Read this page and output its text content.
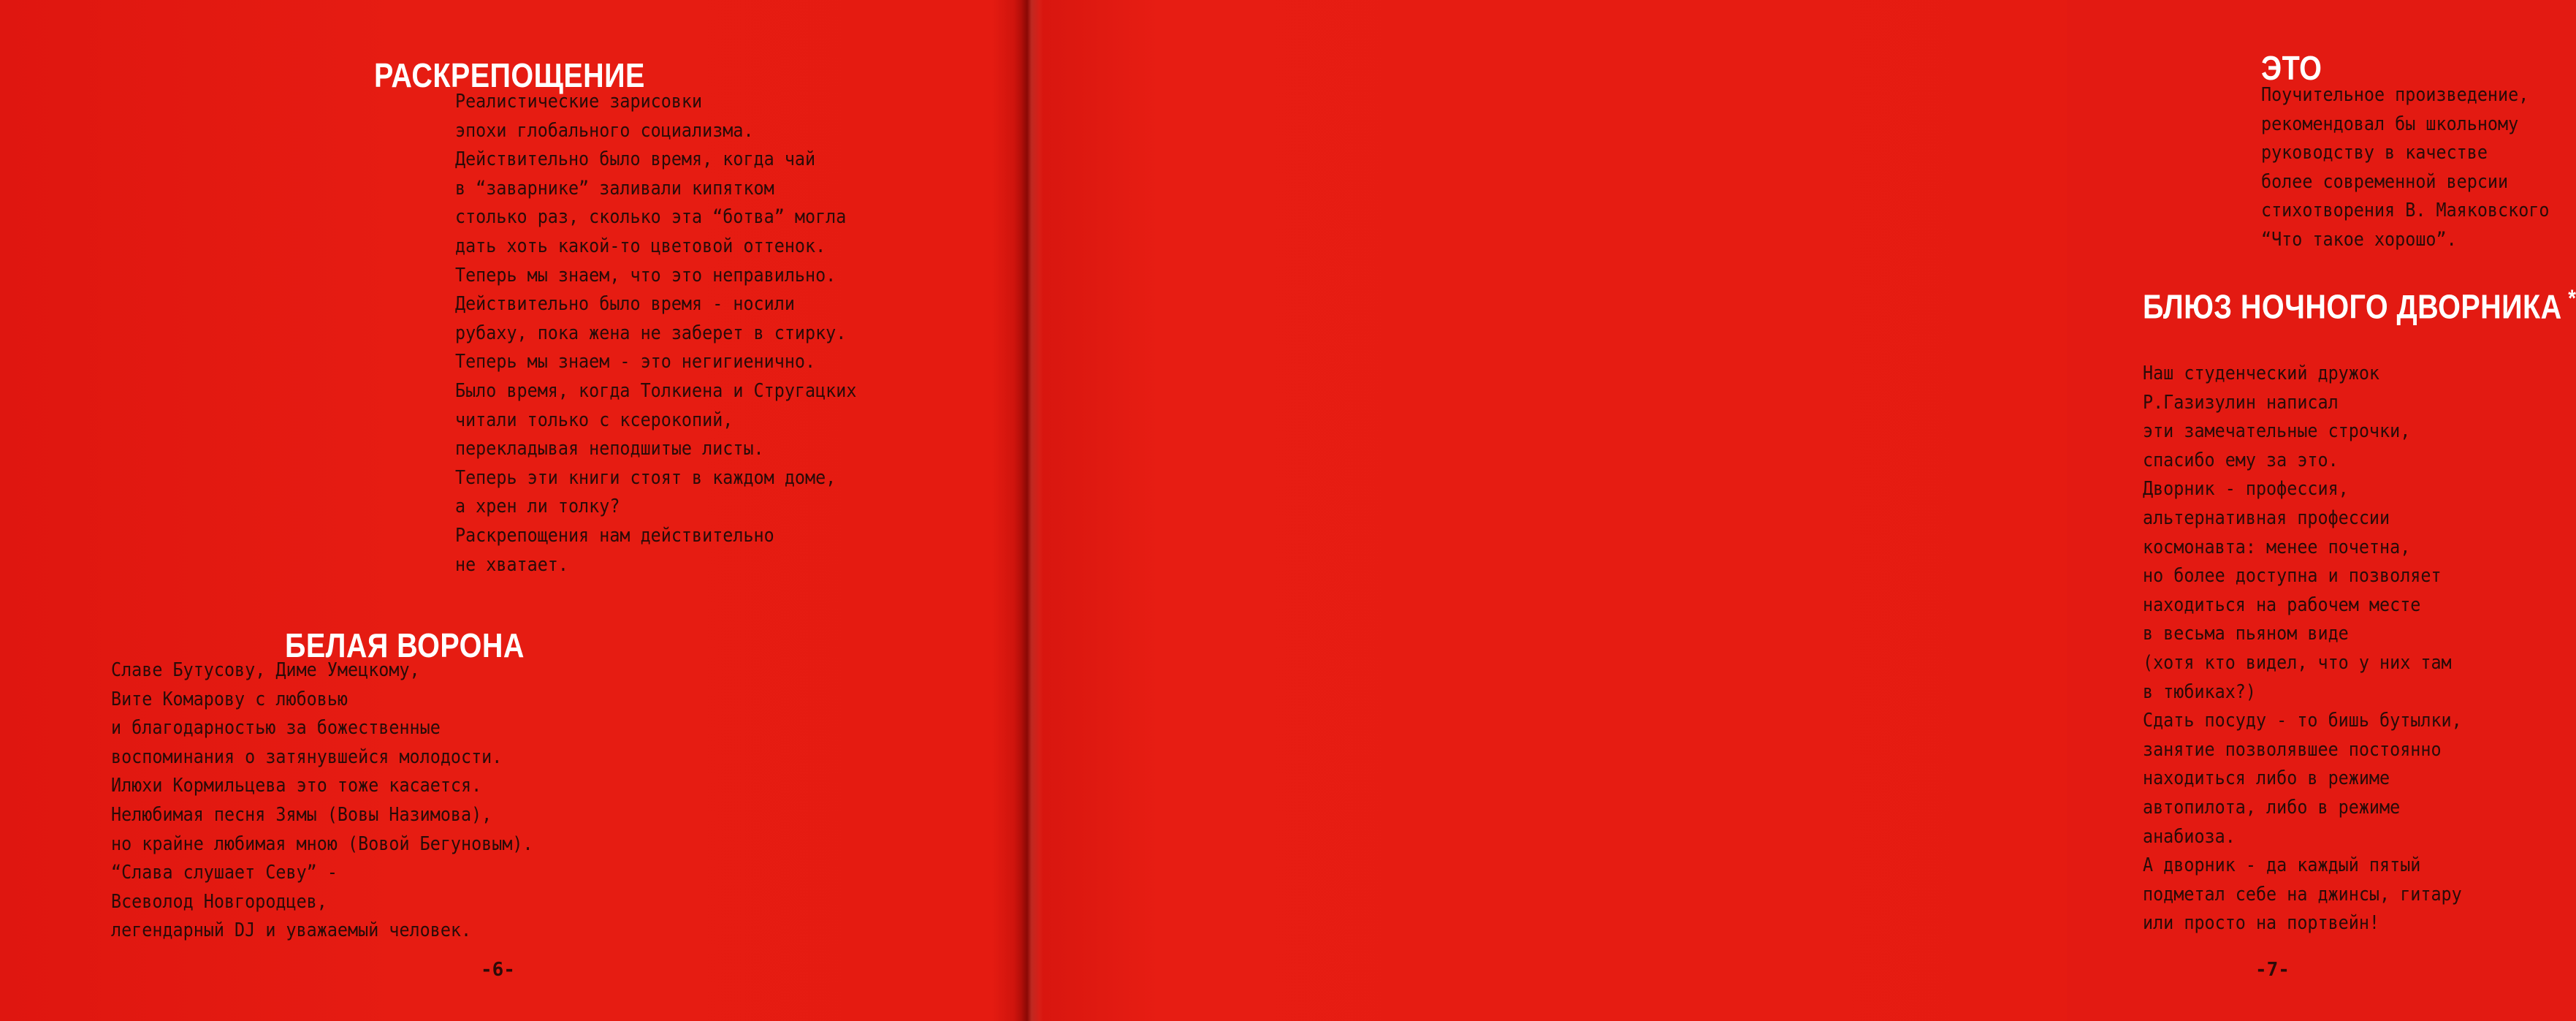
РАСКРЕПОЩЕНИЕ
Реалистические зарисовки
эпохи глобального социализма.
Действительно было время, когда чай
в “заварнике” заливали кипятком
столько раз, сколько эта “ботва” могла
дать хоть какой-то цветовой оттенок.
Теперь мы знаем, что это неправильно.
Действительно было время - носили
рубаху, пока жена не заберет в стирку.
Теперь мы знаем - это негигиенично.
Было время, когда Толкиена и Стругацких
читали только с ксерокопий,
перекладывая неподшитые листы.
Теперь эти книги стоят в каждом доме,
а хрен ли толку?
Раскрепощения нам действительно
не хватает.
БЕЛАЯ ВОРОНА
Славе Бутусову, Диме Умецкому,
Вите Комарову с любовью
и благодарностью за божественные
воспоминания о затянувшейся молодости.
Илюхи Кормильцева это тоже касается.
Нелюбимая песня Зямы (Вовы Назимова),
но крайне любимая мною (Вовой Бегуновым).
“Слава слушает Севу” -
Всеволод Новгородцев,
легендарный DJ и уважаемый человек.
-6-
ЭТО
Поучительное произведение,
рекомендовал бы школьному
руководству в качестве
более современной версии
стихотворения В. Маяковского
“Что такое хорошо”.
БЛЮЗ НОЧНОГО ДВОРНИКА *
Наш студенческий дружок
Р.Газизулин написал
эти замечательные строчки,
спасибо ему за это.
Дворник - профессия,
альтернативная профессии
космонавта: менее почетна,
но более доступна и позволяет
находиться на рабочем месте
в весьма пьяном виде
(хотя кто видел, что у них там
в тюбиках?)
Сдать посуду - то бишь бутылки,
занятие позволявшее постоянно
находиться либо в режиме
автопилота, либо в режиме
анабиоза.
А дворник - да каждый пятый
подметал себе на джинсы, гитару
или просто на портвейн!
-7-
